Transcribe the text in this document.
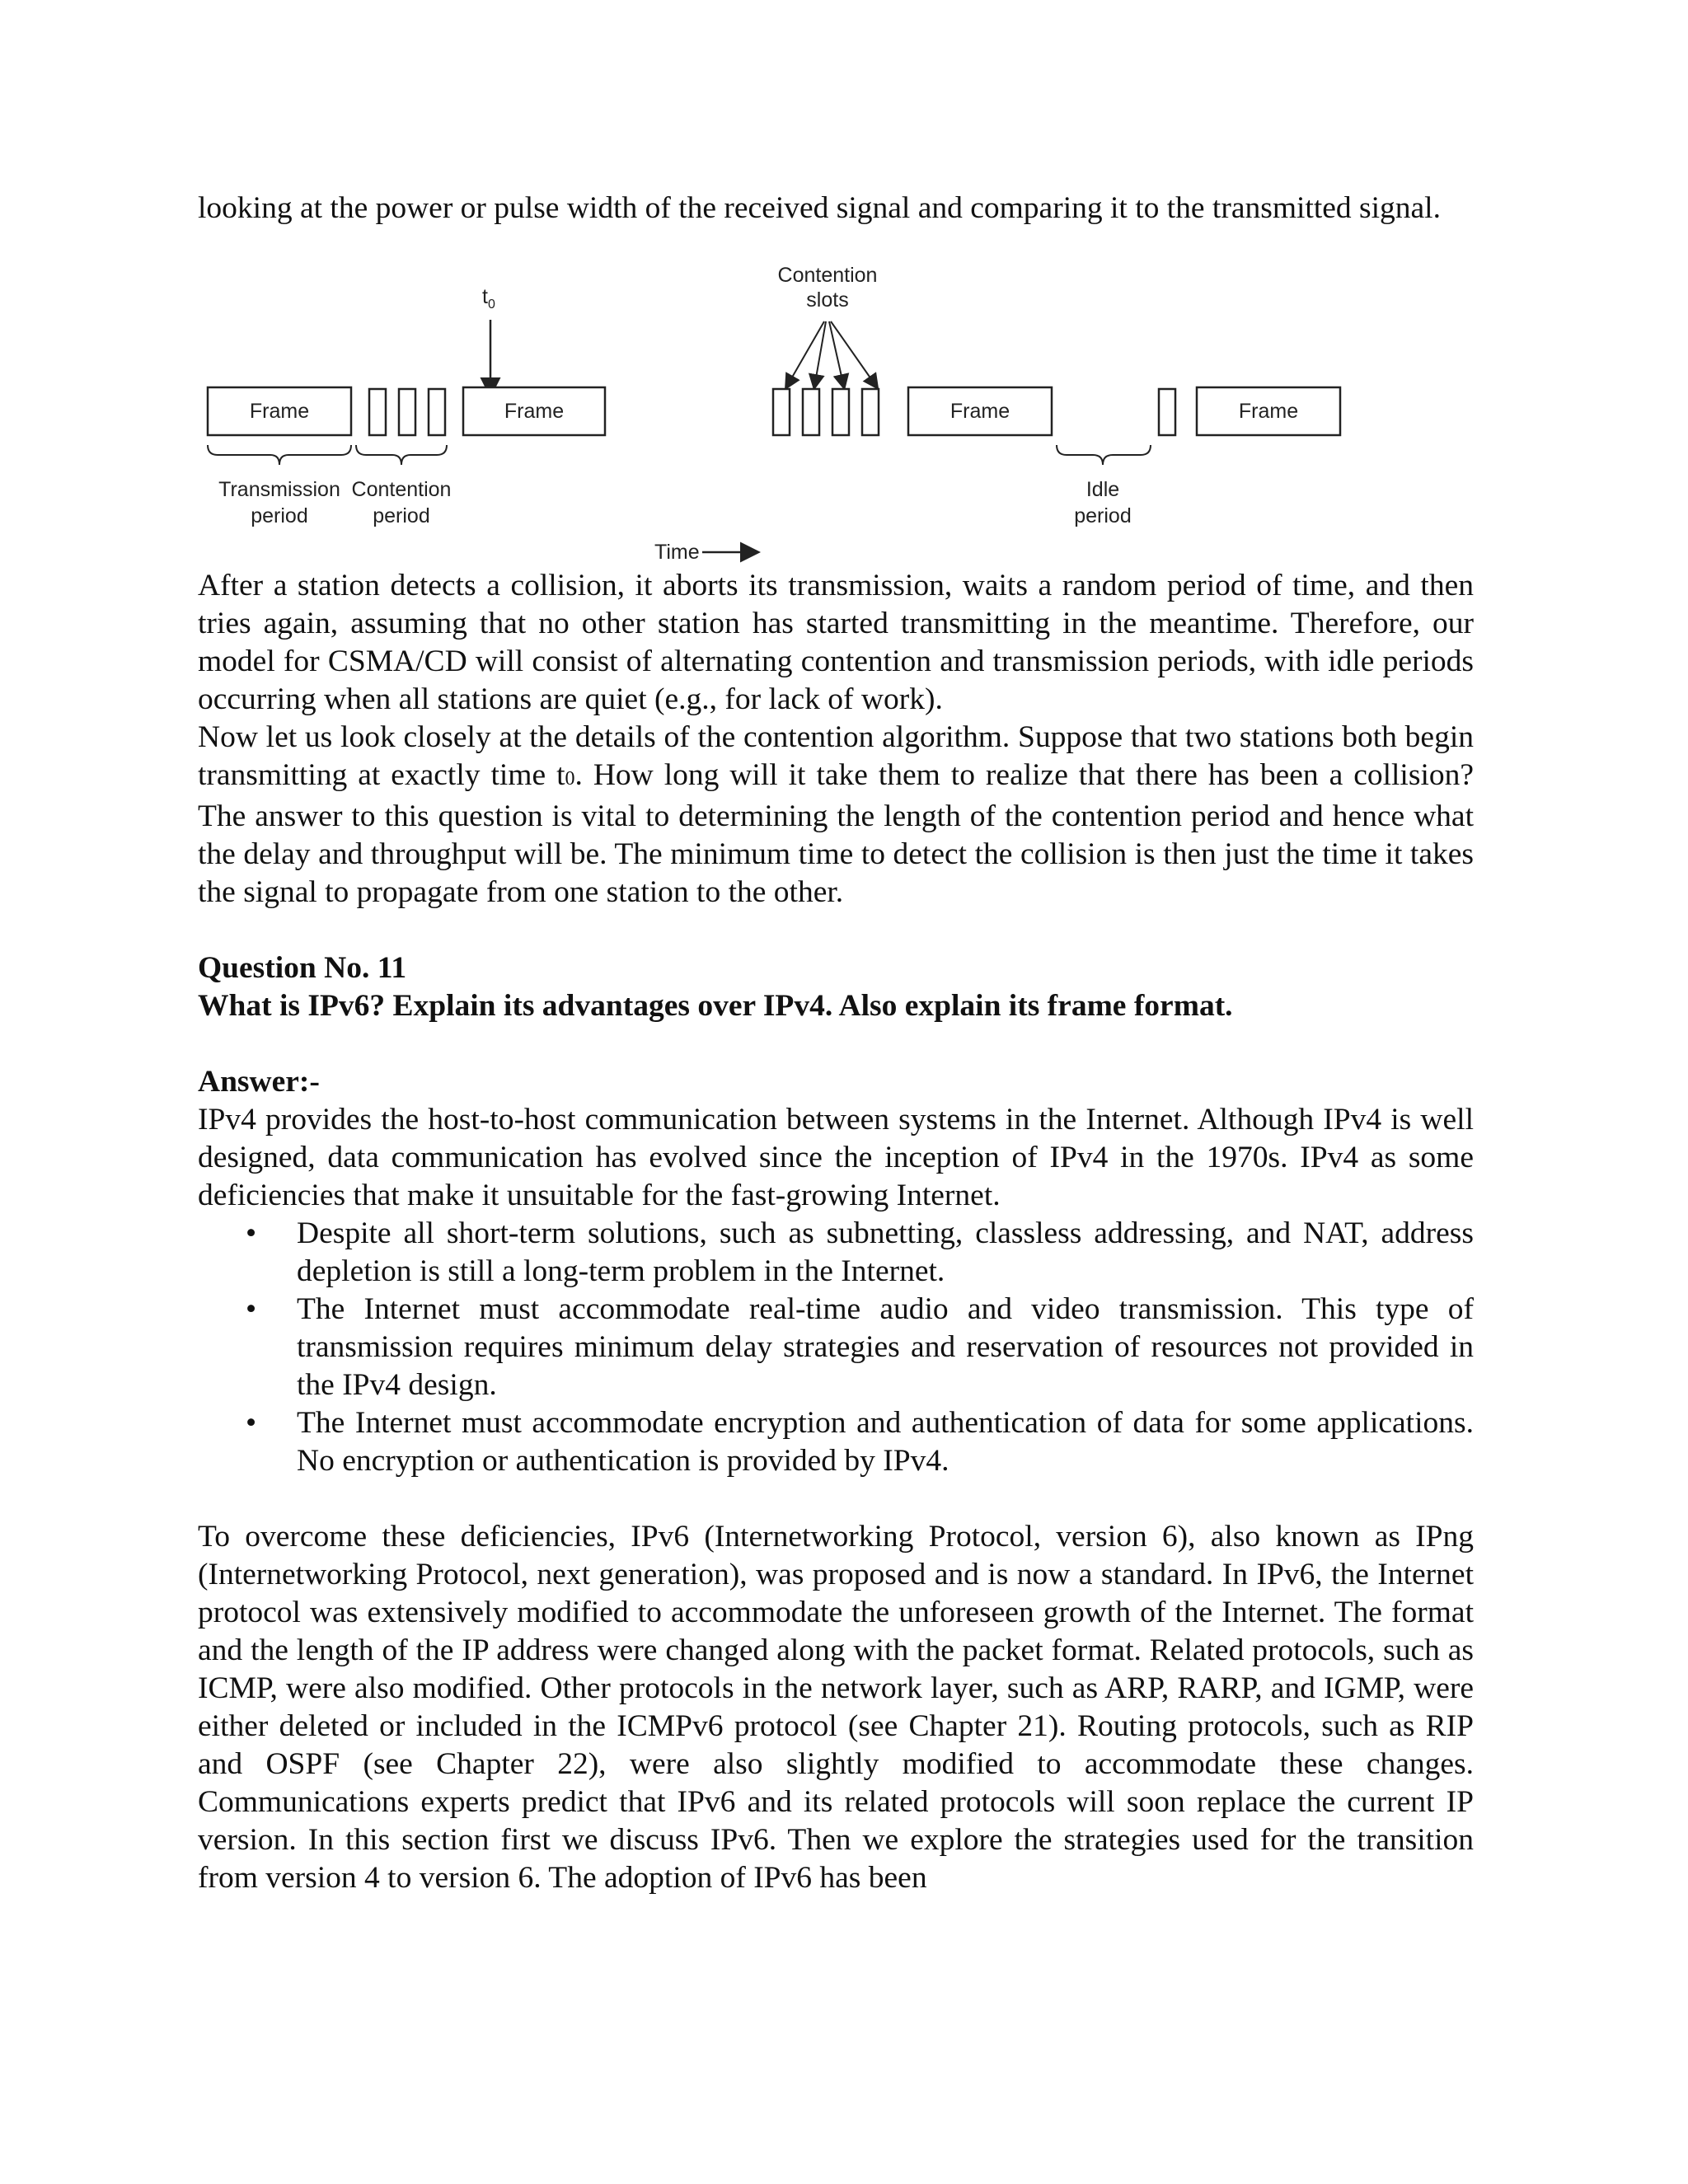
looking at the power or pulse width of the received signal and comparing it to the transmitted signal.

$t_0$
Contention
slots
Frame	Frame	Frame	Frame
Transmission
period
Contention
period
Idle
period
Time

After a station detects a collision, it aborts its transmission, waits a random period of time, and then tries again, assuming that no other station has started transmitting in the meantime. Therefore, our model for CSMA/CD will consist of alternating contention and transmission periods, with idle periods occurring when all stations are quiet (e.g., for lack of work).

Now let us look closely at the details of the contention algorithm. Suppose that two stations both begin transmitting at exactly time t0. How long will it take them to realize that there has been a collision? The answer to this question is vital to determining the length of the contention period and hence what the delay and throughput will be. The minimum time to detect the collision is then just the time it takes the signal to propagate from one station to the other.

Question No. 11
What is IPv6? Explain its advantages over IPv4. Also explain its frame format.
Answer:-

IPv4 provides the host-to-host communication between systems in the Internet. Although IPv4 is well designed, data communication has evolved since the inception of IPv4 in the 1970s. IPv4 as some deficiencies that make it unsuitable for the fast-growing Internet.

• Despite all short-term solutions, such as subnetting, classless addressing, and NAT, address depletion is still a long-term problem in the Internet.
• The Internet must accommodate real-time audio and video transmission. This type of transmission requires minimum delay strategies and reservation of resources not provided in the IPv4 design.
• The Internet must accommodate encryption and authentication of data for some applications. No encryption or authentication is provided by IPv4.

To overcome these deficiencies, IPv6 (Internetworking Protocol, version 6), also known as IPng (Internetworking Protocol, next generation), was proposed and is now a standard. In IPv6, the Internet protocol was extensively modified to accommodate the unforeseen growth of the Internet. The format and the length of the IP address were changed along with the packet format. Related protocols, such as ICMP, were also modified. Other protocols in the network layer, such as ARP, RARP, and IGMP, were either deleted or included in the ICMPv6 protocol (see Chapter 21). Routing protocols, such as RIP and OSPF (see Chapter 22), were also slightly modified to accommodate these changes. Communications experts predict that IPv6 and its related protocols will soon replace the current IP version. In this section first we discuss IPv6. Then we explore the strategies used for the transition from version 4 to version 6. The adoption of IPv6 has been
